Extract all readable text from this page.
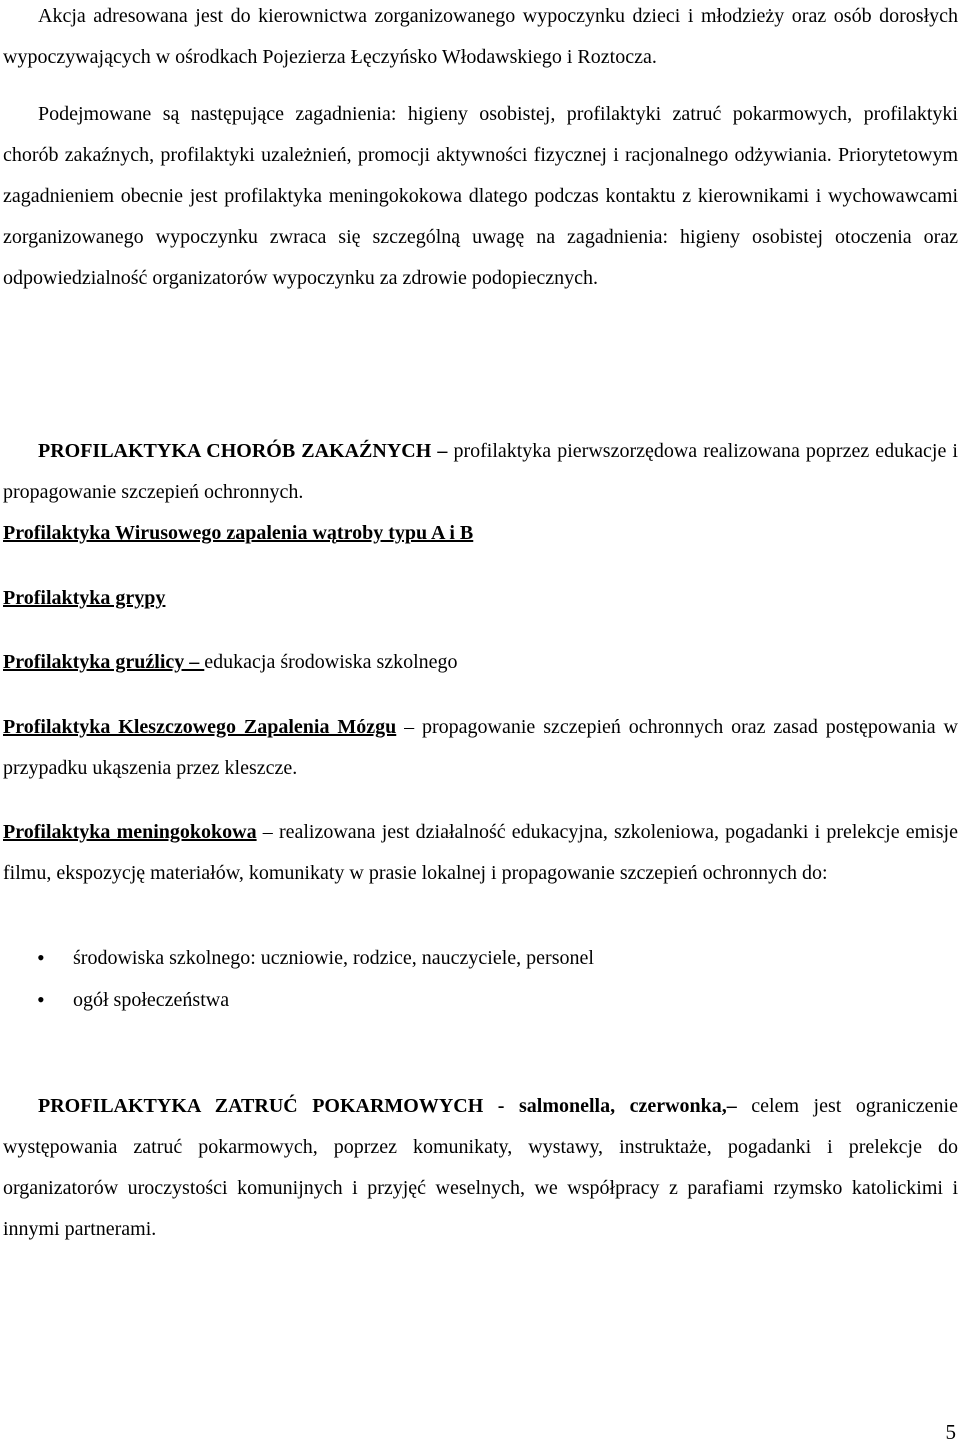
Akcja adresowana jest do kierownictwa zorganizowanego wypoczynku dzieci i młodzieży oraz osób dorosłych wypoczywających w ośrodkach Pojezierza Łęczyńsko Włodawskiego i Roztocza.

Podejmowane są następujące zagadnienia: higieny osobistej, profilaktyki zatruć pokarmowych, profilaktyki chorób zakaźnych, profilaktyki uzależnień, promocji aktywności fizycznej i racjonalnego odżywiania. Priorytetowym zagadnieniem obecnie jest profilaktyka meningokokowa dlatego podczas kontaktu z kierownikami i wychowawcami zorganizowanego wypoczynku zwraca się szczególną uwagę na zagadnienia: higieny osobistej otoczenia oraz odpowiedzialność organizatorów wypoczynku za zdrowie podopiecznych.

PROFILAKTYKA CHORÓB ZAKAŹNYCH – profilaktyka pierwszorzędowa realizowana poprzez edukacje i propagowanie szczepień ochronnych.

Profilaktyka Wirusowego zapalenia wątroby typu A i B

Profilaktyka grypy

Profilaktyka gruźlicy – edukacja środowiska szkolnego

Profilaktyka Kleszczowego Zapalenia Mózgu – propagowanie szczepień ochronnych oraz zasad postępowania w przypadku ukąszenia przez kleszcze.

Profilaktyka meningokokowa – realizowana jest działalność edukacyjna, szkoleniowa, pogadanki i prelekcje emisje filmu, ekspozycję materiałów, komunikaty w prasie lokalnej i propagowanie szczepień ochronnych do:

• środowiska szkolnego: uczniowie, rodzice, nauczyciele, personel
• ogół społeczeństwa

PROFILAKTYKA ZATRUĆ POKARMOWYCH - salmonella, czerwonka,– celem jest ograniczenie występowania zatruć pokarmowych, poprzez komunikaty, wystawy, instruktaże, pogadanki i prelekcje do organizatorów uroczystości komunijnych i przyjęć weselnych, we współpracy z parafiami rzymsko katolickimi i innymi partnerami.

5
